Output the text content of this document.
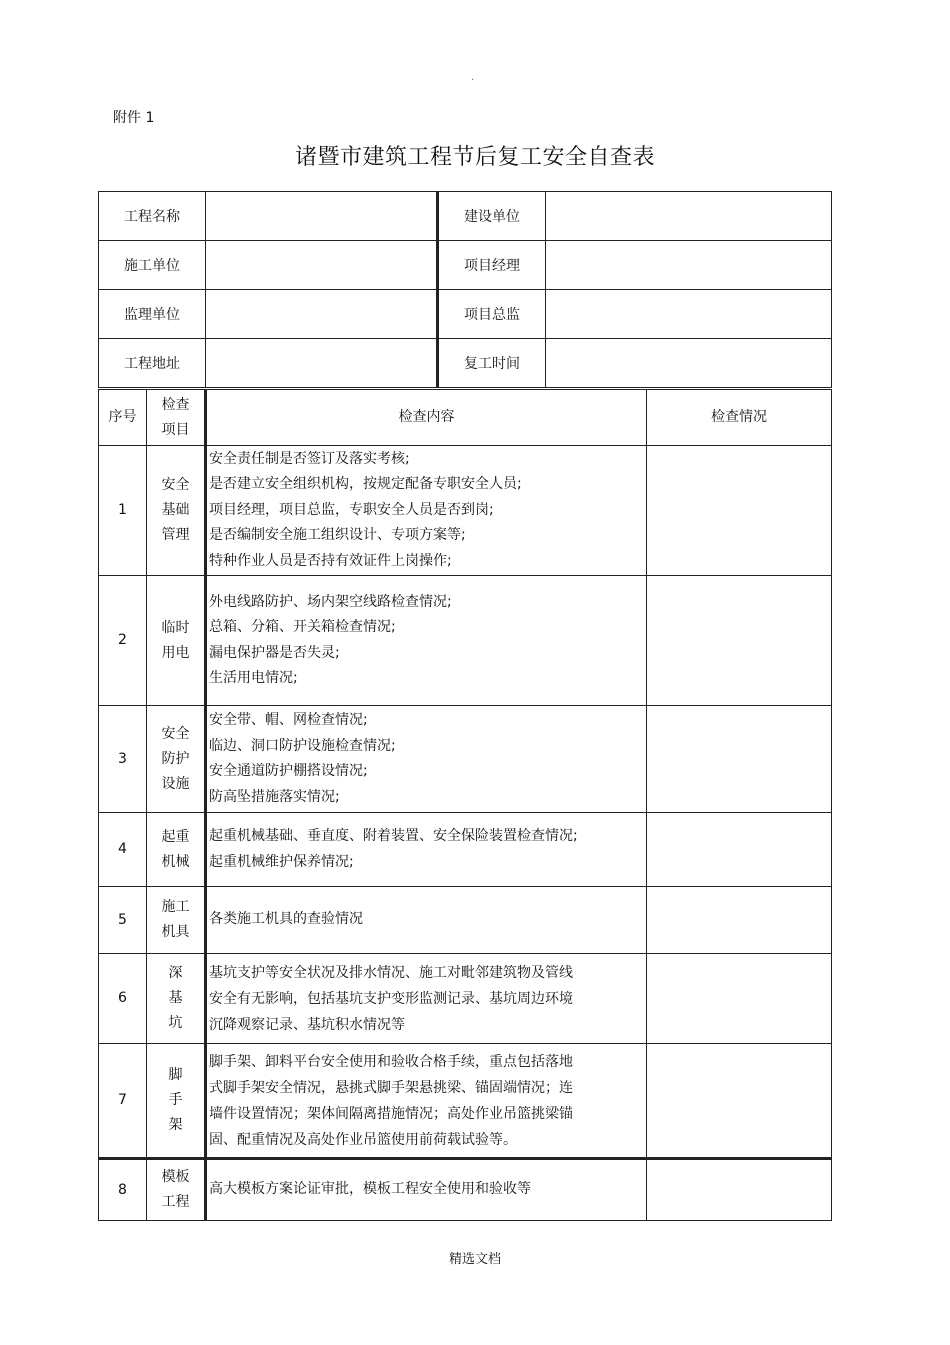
.
附件 1
诸暨市建筑工程节后复工安全自查表
工程名称		建设单位	
施工单位		项目经理	
监理单位		项目总监	
工程地址		复工时间	
序号	检查
项目	检查内容	检查情况
1	安全
基础
管理	安全责任制是否签订及落实考核;
是否建立安全组织机构，按规定配备专职安全人员;
项目经理，项目总监，专职安全人员是否到岗;
是否编制安全施工组织设计、专项方案等;
特种作业人员是否持有效证件上岗操作;	

2	临时
用电	外电线路防护、场内架空线路检查情况;
总箱、分箱、开关箱检查情况;
漏电保护器是否失灵;
生活用电情况;	

3	安全
防护
设施	安全带、帽、网检查情况;
临边、洞口防护设施检查情况;
安全通道防护棚搭设情况;
防高坠措施落实情况;	

4	起重
机械	起重机械基础、垂直度、附着装置、安全保险装置检查情况;
起重机械维护保养情况;	

5	施工
机具	各类施工机具的查验情况	

6	深
基
坑	基坑支护等安全状况及排水情况、施工对毗邻建筑物及管线
安全有无影响，包括基坑支护变形监测记录、基坑周边环境
沉降观察记录、基坑积水情况等	

7	脚
手
架	脚手架、卸料平台安全使用和验收合格手续，重点包括落地
式脚手架安全情况，悬挑式脚手架悬挑梁、锚固端情况；连
墙件设置情况；架体间隔离措施情况；高处作业吊篮挑梁锚
固、配重情况及高处作业吊篮使用前荷载试验等。	

8	模板
工程	高大模板方案论证审批，模板工程安全使用和验收等	

精选文档
